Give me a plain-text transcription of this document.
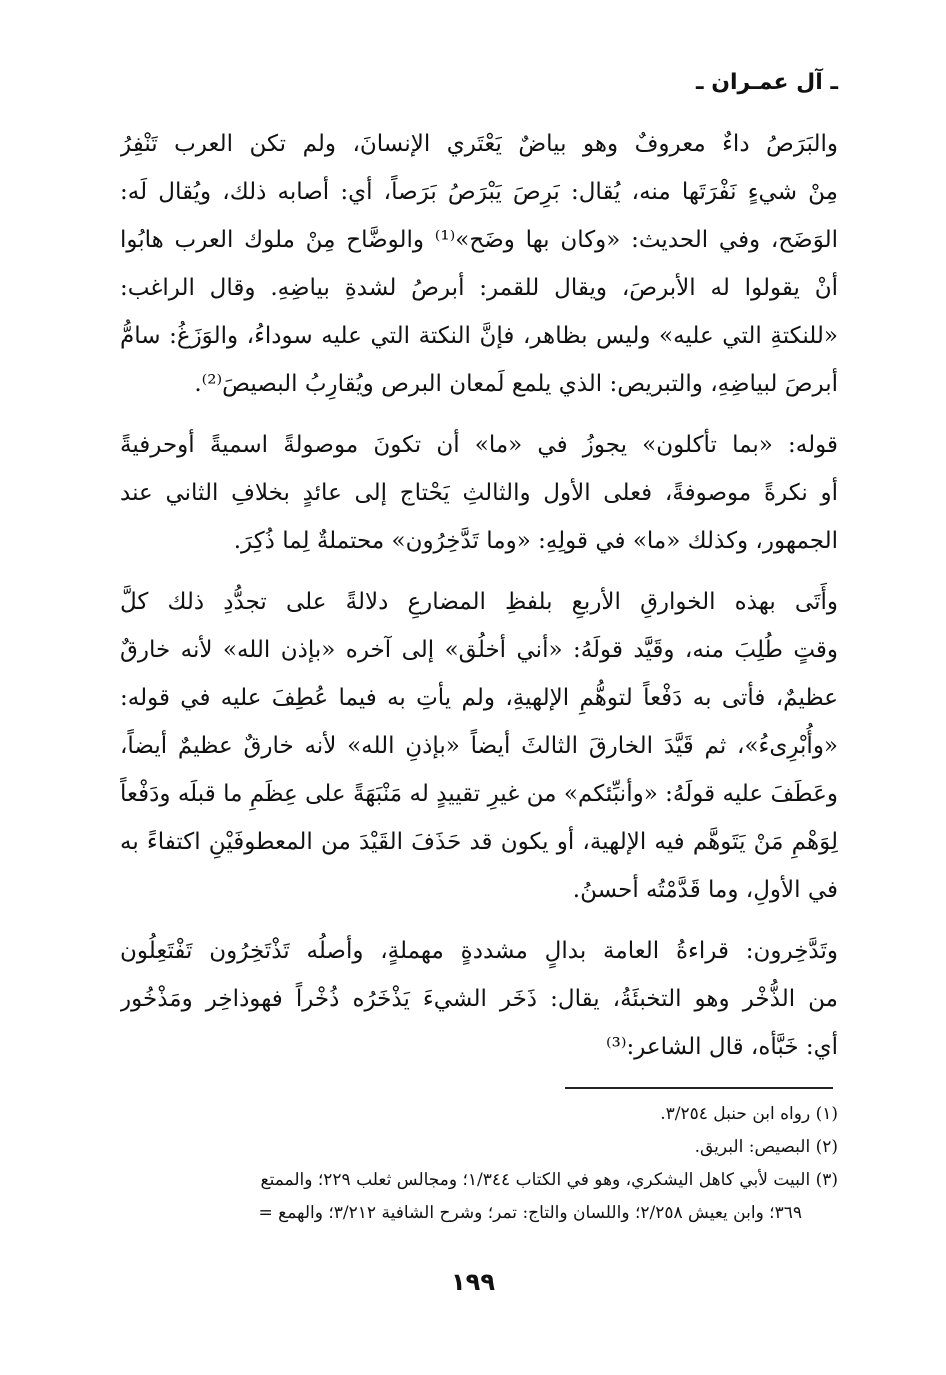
ـ آل عمـران ـ
والبَرَصُ داءٌ معروفٌ وهو بياضٌ يَعْتَري الإنسانَ، ولم تكن العرب تَنْفِرُ
مِنْ شيءٍ نَفْرَتَها منه، يُقال: بَرِصَ يَبْرَصُ بَرَصاً، أي: أصابه ذلك، ويُقال لَه:
الوَضَح، وفي الحديث: «وكان بها وضَح»⁽¹⁾ والوضَّاح مِنْ ملوك العرب هابُوا
أنْ يقولوا له الأبرصَ، ويقال للقمر: أبرصُ لشدةِ بياضِهِ. وقال الراغب:
«للنكتةِ التي عليه» وليس بظاهر، فإنَّ النكتة التي عليه سوداءُ، والوَزَغُ: سامُّ
أبرصَ لبياضِهِ، والتبريص: الذي يلمع لَمعان البرص ويُقارِبُ البصيصَ⁽²⁾.
قوله: «بما تأكلون» يجوزُ في «ما» أن تكونَ موصولةً اسميةً أوحرفيةً
أو نكرةً موصوفةً، فعلى الأول والثالثِ يَحْتاج إلى عائدٍ بخلافِ الثاني عند
الجمهور، وكذلك «ما» في قولِهِ: «وما تَدَّخِرُون» محتملةٌ لِما ذُكِرَ.
وأَتَى بهذه الخوارقِ الأربعِ بلفظِ المضارعِ دلالةً على تجدُّدِ ذلك كلَّ
وقتٍ طُلِبَ منه، وقَيَّد قولَهُ: «أني أخلُق» إلى آخره «بإذن الله» لأنه خارقٌ
عظيمٌ، فأتى به دَفْعاً لتوهُّمِ الإلهيةِ، ولم يأتِ به فيما عُطِفَ عليه في قوله:
«وأُبْرِىءُ»، ثم قَيَّدَ الخارقَ الثالثَ أيضاً «بإذنِ الله» لأنه خارقٌ عظيمٌ أيضاً،
وعَطَفَ عليه قولَهُ: «وأنبِّئكم» من غيرِ تقييدٍ له مَنْبَهَةً على عِظَمِ ما قبلَه ودَفْعاً
لِوَهْمِ مَنْ يَتَوهَّم فيه الإلهية، أو يكون قد حَذَفَ القَيْدَ من المعطوفَيْنِ اكتفاءً به
في الأولِ، وما قَدَّمْتُه أحسنُ.
وتَدَّخِرون: قراءةُ العامة بدالٍ مشددةٍ مهملةٍ، وأصلُه تَذْتَخِرُون تَفْتَعِلُون
من الذُّخْر وهو التخبئَةُ، يقال: ذَخَر الشيءَ يَذْخَرُه ذُخْراً فهوذاخِر ومَذْخُور
أي: خَبَّأه، قال الشاعر:⁽³⁾
(١) رواه ابن حنبل ٣/٢٥٤.
(٢) البصيص: البريق.
(٣) البيت لأبي كاهل اليشكري، وهو في الكتاب ١/٣٤٤؛ ومجالس ثعلب ٢٢٩؛ والممتع
٣٦٩؛ وابن يعيش ٢/٢٥٨؛ واللسان والتاج: تمر؛ وشرح الشافية ٣/٢١٢؛ والهمع =
١٩٩
